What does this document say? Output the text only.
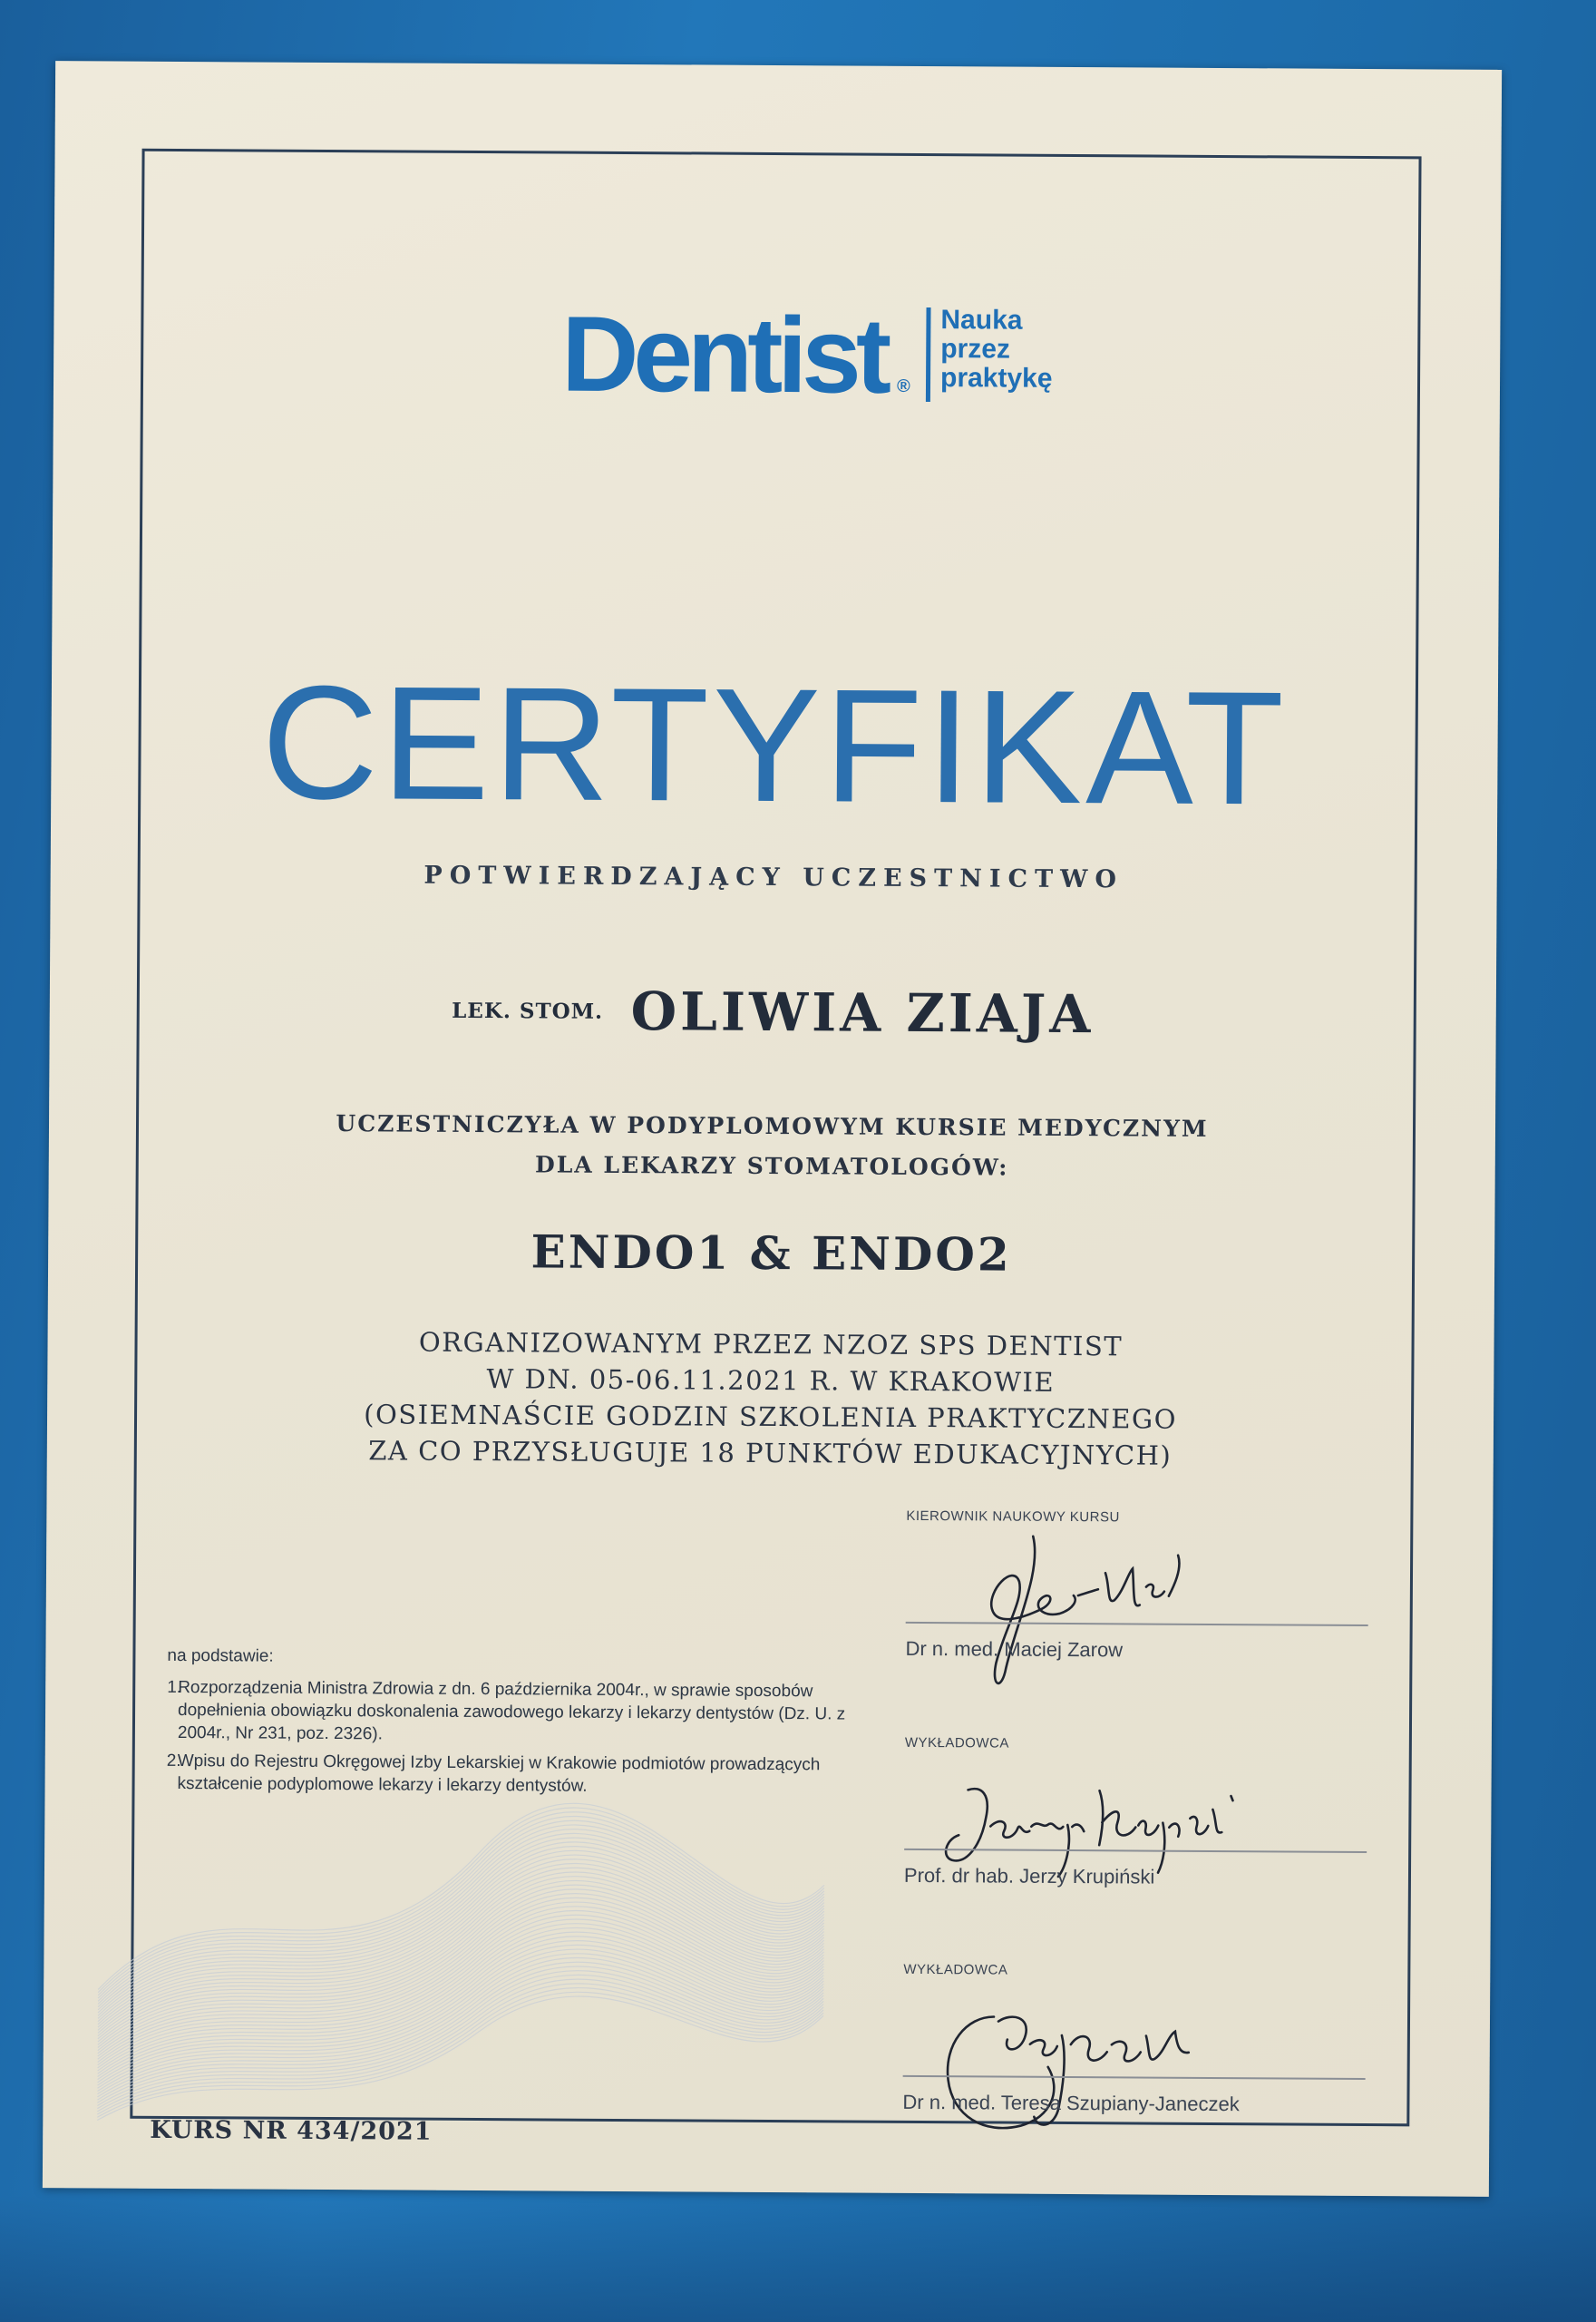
Dentist ®
Nauka
przez
praktykę
CERTYFIKAT
POTWIERDZAJĄCY UCZESTNICTWO
LEK. STOM. OLIWIA ZIAJA
UCZESTNICZYŁA W PODYPLOMOWYM KURSIE MEDYCZNYM
DLA LEKARZY STOMATOLOGÓW:
ENDO1 & ENDO2
ORGANIZOWANYM PRZEZ NZOZ SPS DENTIST
W DN. 05-06.11.2021 R. W KRAKOWIE
(OSIEMNAŚCIE GODZIN SZKOLENIA PRAKTYCZNEGO
ZA CO PRZYSŁUGUJE 18 PUNKTÓW EDUKACYJNYCH)
na podstawie:
1.
Rozporządzenia Ministra Zdrowia z dn. 6 października 2004r., w sprawie sposobów dopełnienia obowiązku doskonalenia zawodowego lekarzy i lekarzy dentystów (Dz. U. z 2004r., Nr 231, poz. 2326).
2.
Wpisu do Rejestru Okręgowej Izby Lekarskiej w Krakowie podmiotów prowadzących kształcenie podyplomowe lekarzy i lekarzy dentystów.
KURS NR 434/2021
KIEROWNIK NAUKOWY KURSU
Dr n. med. Maciej Zarow
WYKŁADOWCA
Prof. dr hab. Jerzy Krupiński
WYKŁADOWCA
Dr n. med. Teresa Szupiany-Janeczek
